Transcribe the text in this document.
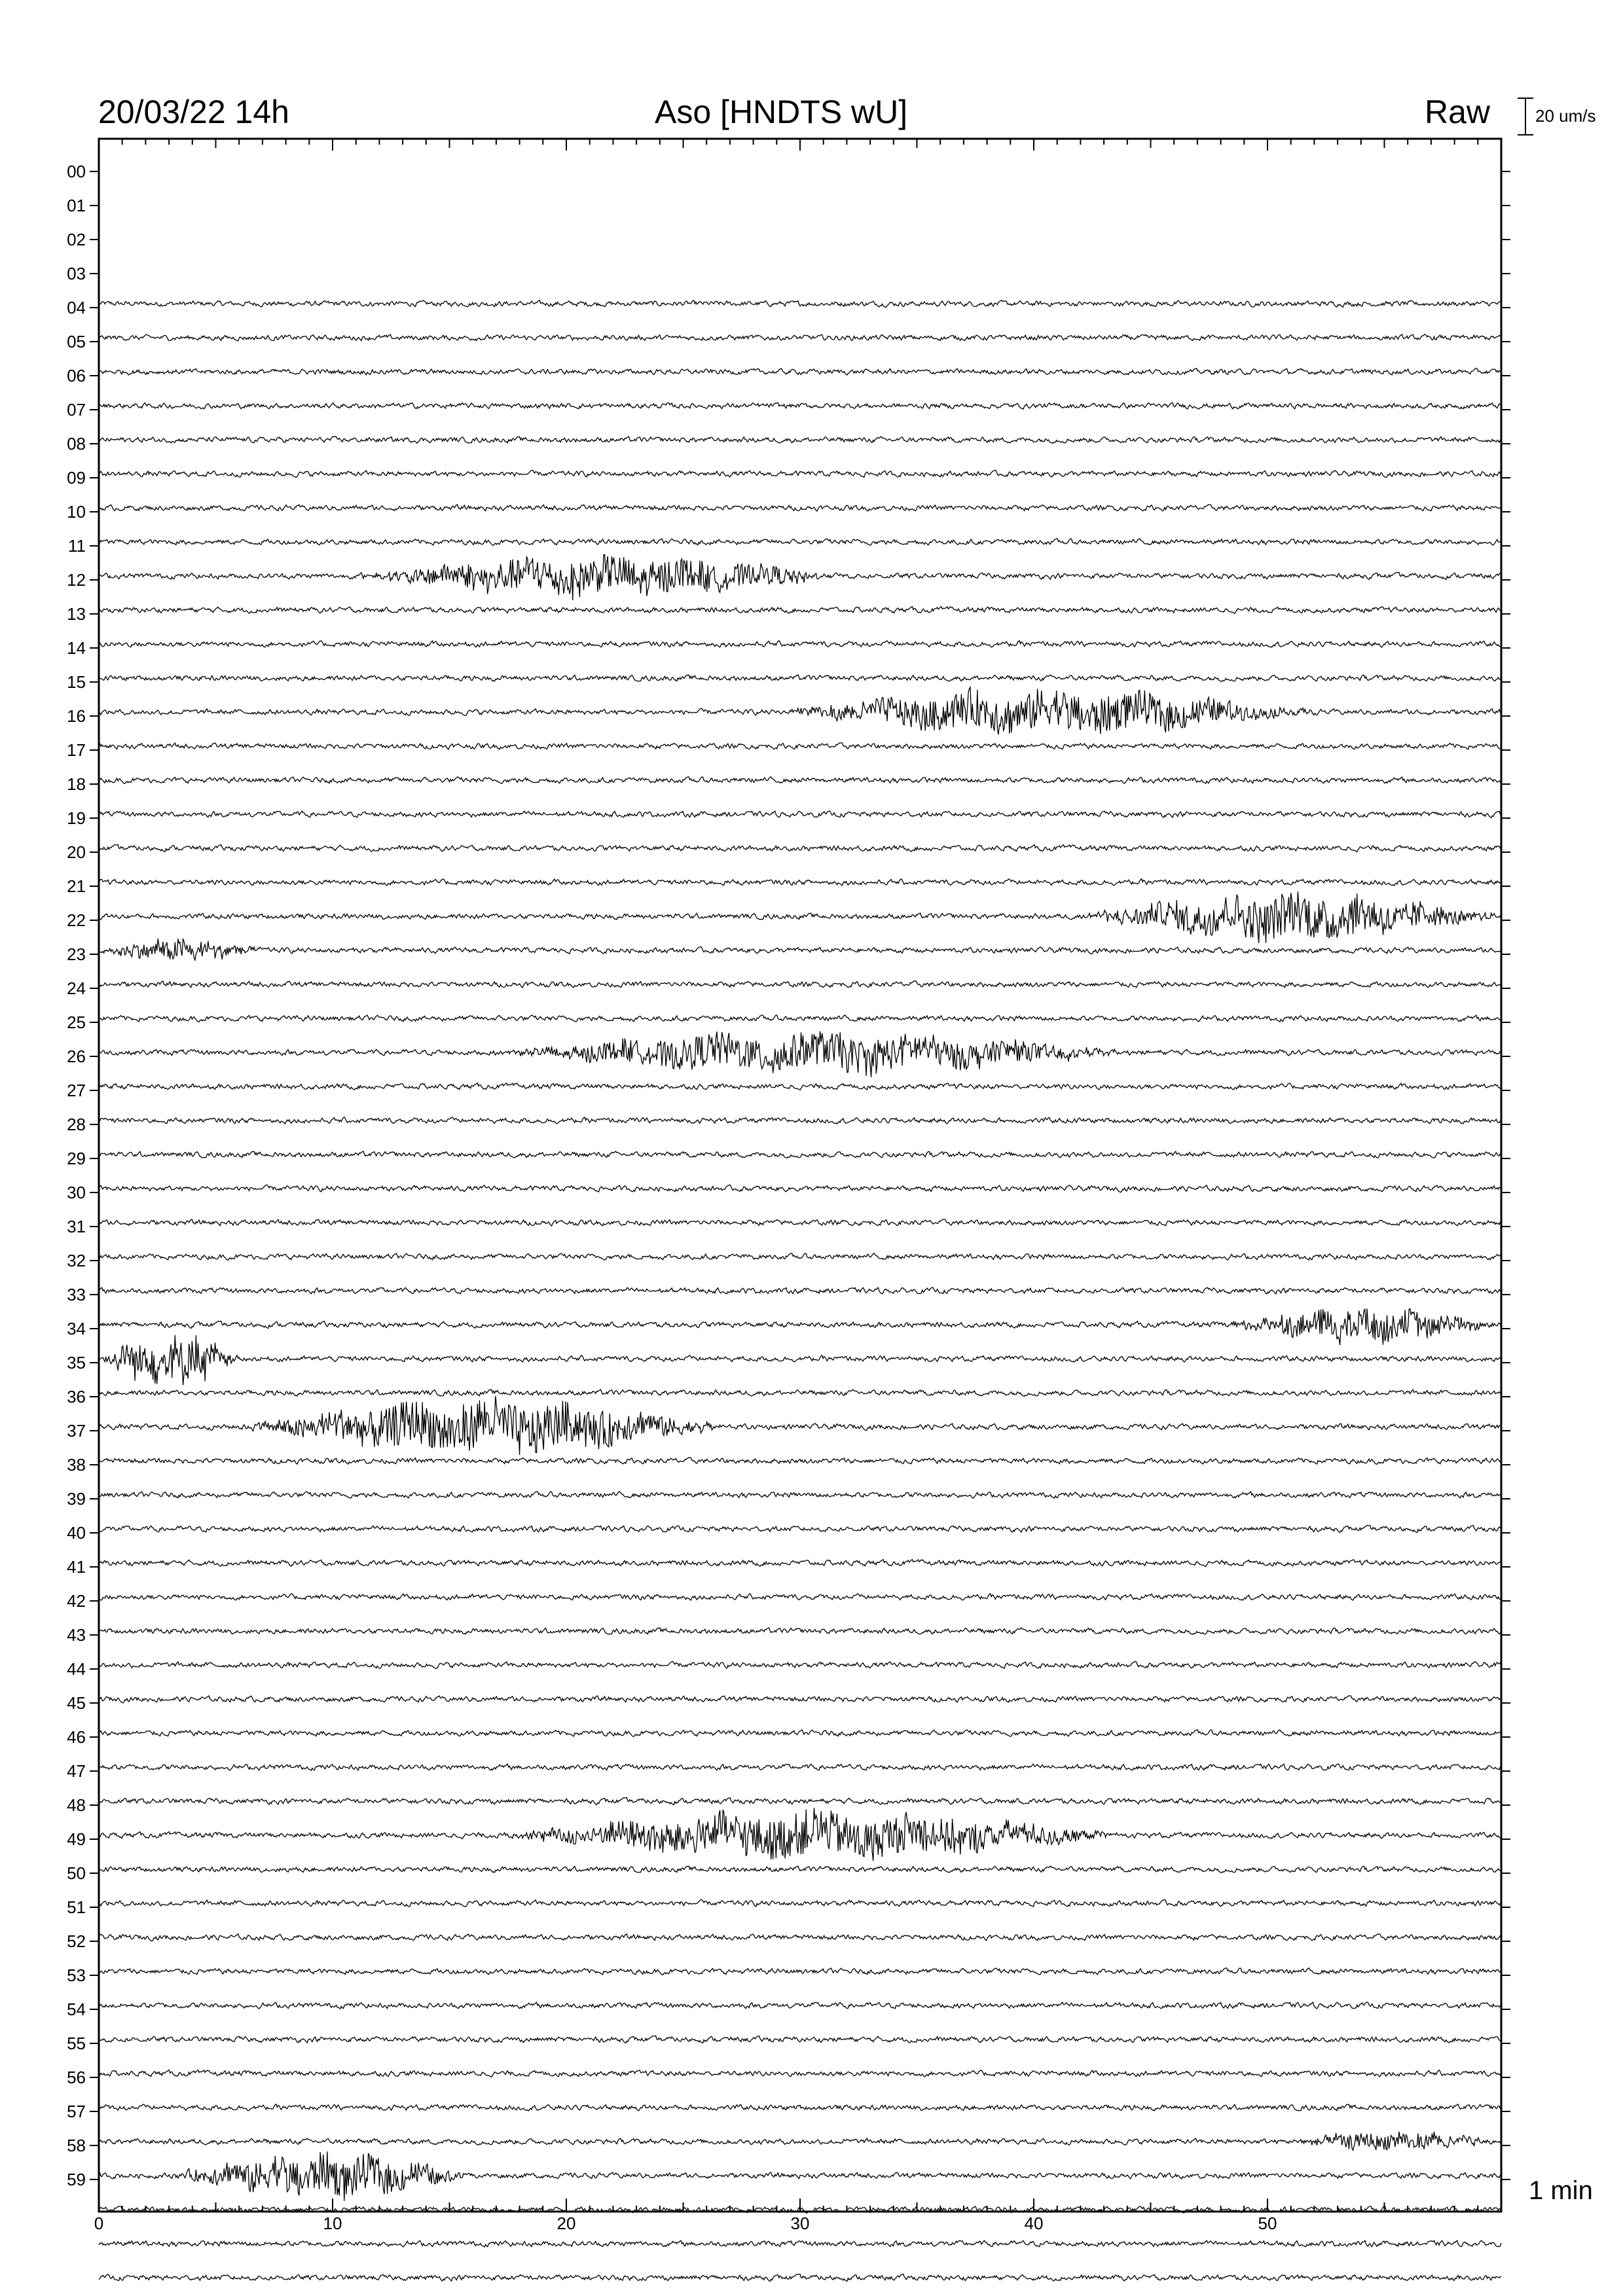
00
01
02
03
04
05
06
07
08
09
10
11
12
13
14
15
16
17
18
19
20
21
22
23
24
25
26
27
28
29
30
31
32
33
34
35
36
37
38
39
40
41
42
43
44
45
46
47
48
49
50
51
52
53
54
55
56
57
58
59
0	10	20	30	40	50
20/03/22 14h	Aso [HNDTS wU]	Raw	20 um/s
1 min
